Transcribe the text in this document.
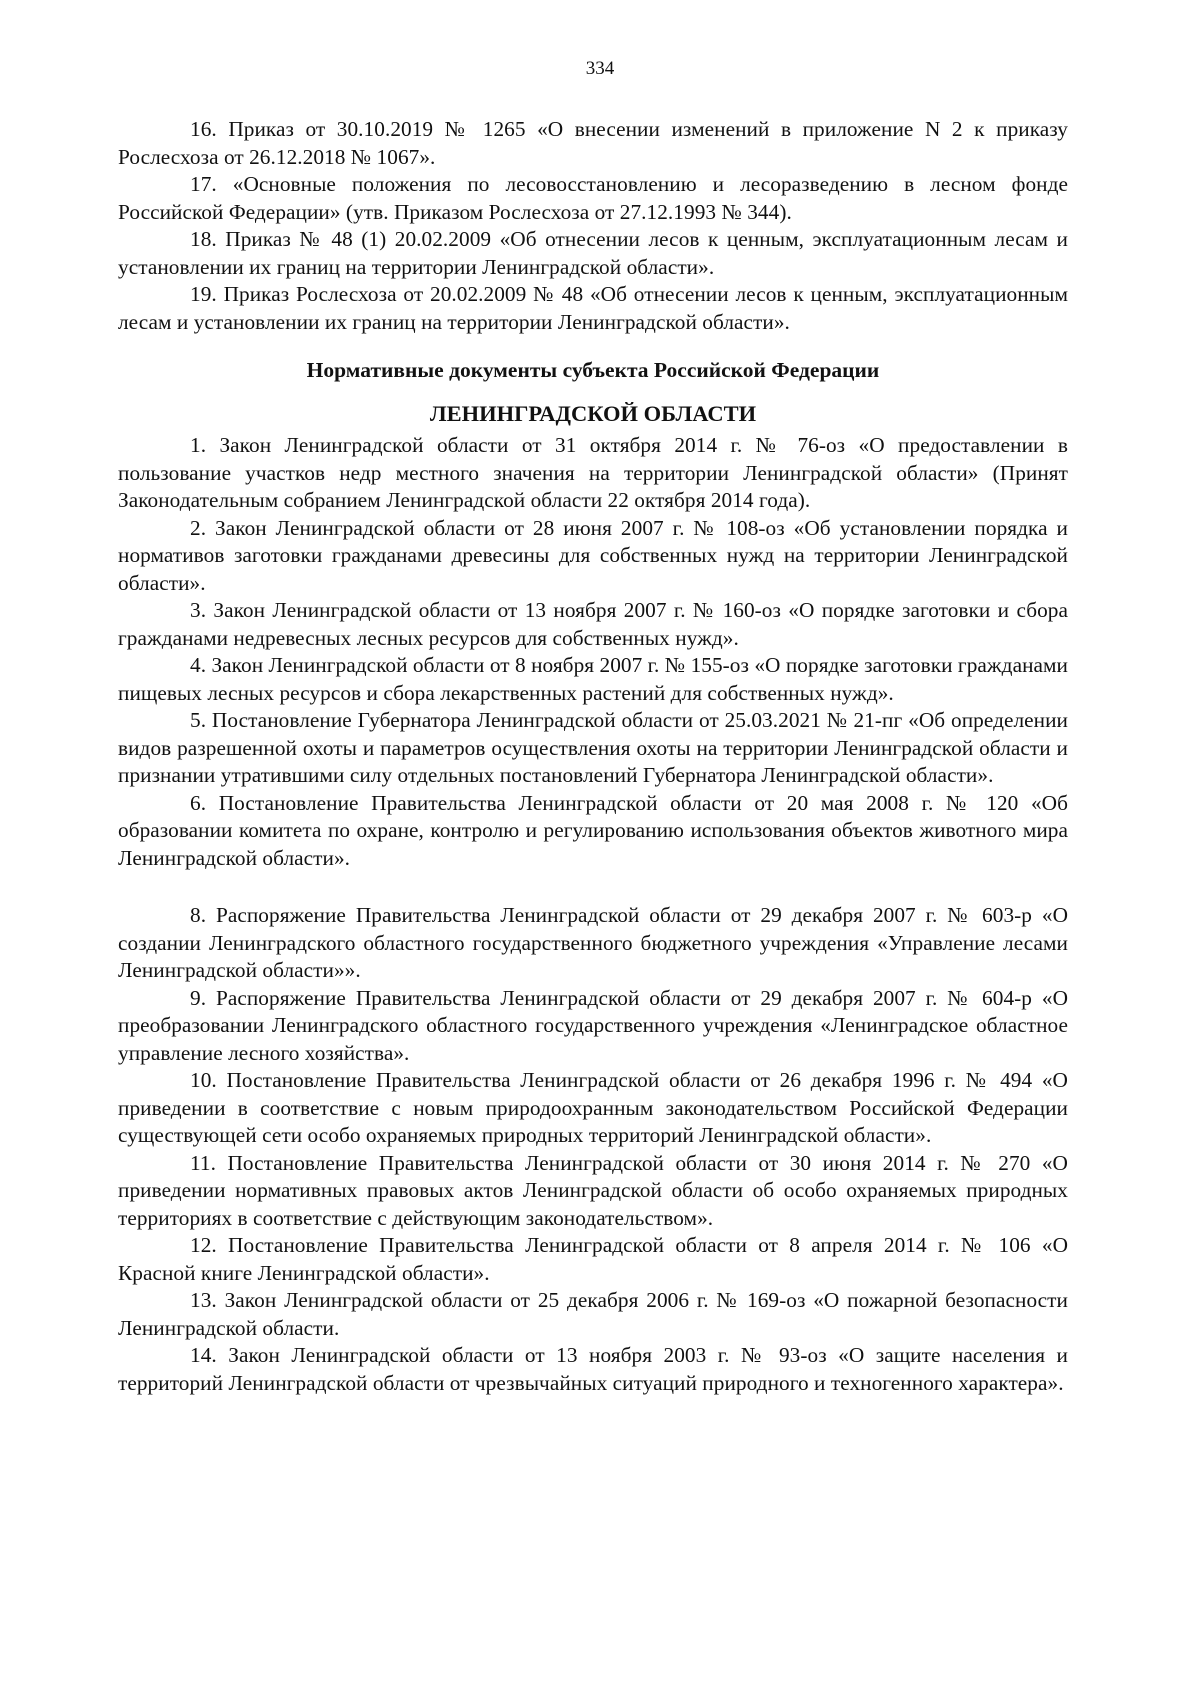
334

16. Приказ от 30.10.2019 № 1265 «О внесении изменений в приложение N 2 к приказу Рослесхоза от 26.12.2018 № 1067».

17. «Основные положения по лесовосстановлению и лесоразведению в лесном фонде Российской Федерации» (утв. Приказом Рослесхоза от 27.12.1993 № 344).

18. Приказ № 48 (1) 20.02.2009 «Об отнесении лесов к ценным, эксплуатационным лесам и установлении их границ на территории Ленинградской области».

19. Приказ Рослесхоза от 20.02.2009 № 48 «Об отнесении лесов к ценным, эксплуатационным лесам и установлении их границ на территории Ленинградской области».

Нормативные документы субъекта Российской Федерации
ЛЕНИНГРАДСКОЙ ОБЛАСТИ

1. Закон Ленинградской области от 31 октября 2014 г. № 76-оз «О предоставлении в пользование участков недр местного значения на территории Ленинградской области» (Принят Законодательным собранием Ленинградской области 22 октября 2014 года).

2. Закон Ленинградской области от 28 июня 2007 г. № 108-оз «Об установлении порядка и нормативов заготовки гражданами древесины для собственных нужд на территории Ленинградской области».

3. Закон Ленинградской области от 13 ноября 2007 г. № 160-оз «О порядке заготовки и сбора гражданами недревесных лесных ресурсов для собственных нужд».

4. Закон Ленинградской области от 8 ноября 2007 г. № 155-оз «О порядке заготовки гражданами пищевых лесных ресурсов и сбора лекарственных растений для собственных нужд».

5. Постановление Губернатора Ленинградской области от 25.03.2021 № 21-пг «Об определении видов разрешенной охоты и параметров осуществления охоты на территории Ленинградской области и признании утратившими силу отдельных постановлений Губернатора Ленинградской области».

6. Постановление Правительства Ленинградской области от 20 мая 2008 г. № 120 «Об образовании комитета по охране, контролю и регулированию использования объектов животного мира Ленинградской области».

8. Распоряжение Правительства Ленинградской области от 29 декабря 2007 г. № 603-р «О создании Ленинградского областного государственного бюджетного учреждения «Управление лесами Ленинградской области»».

9. Распоряжение Правительства Ленинградской области от 29 декабря 2007 г. № 604-р «О преобразовании Ленинградского областного государственного учреждения «Ленинградское областное управление лесного хозяйства».

10. Постановление Правительства Ленинградской области от 26 декабря 1996 г. № 494 «О приведении в соответствие с новым природоохранным законодательством Российской Федерации существующей сети особо охраняемых природных территорий Ленинградской области».

11. Постановление Правительства Ленинградской области от 30 июня 2014 г. № 270 «О приведении нормативных правовых актов Ленинградской области об особо охраняемых природных территориях в соответствие с действующим законодательством».

12. Постановление Правительства Ленинградской области от 8 апреля 2014 г. № 106 «О Красной книге Ленинградской области».

13. Закон Ленинградской области от 25 декабря 2006 г. № 169-оз «О пожарной безопасности Ленинградской области.

14. Закон Ленинградской области от 13 ноября 2003 г. № 93-оз «О защите населения и территорий Ленинградской области от чрезвычайных ситуаций природного и техногенного характера».
